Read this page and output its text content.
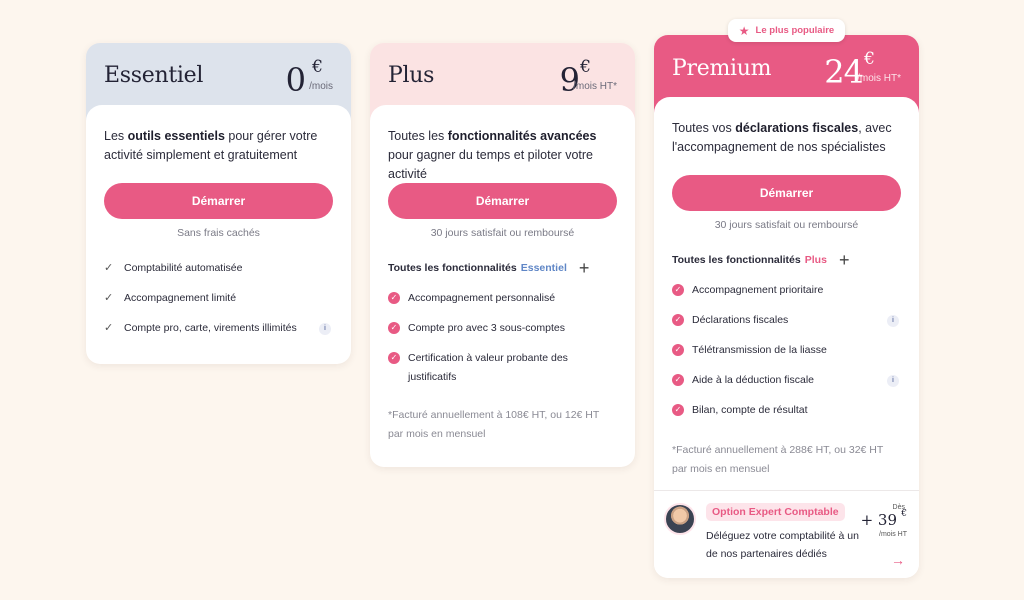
Essentiel	0 €
/mois

Les outils essentiels pour gérer votre activité simplement et gratuitement

Démarrer
Sans frais cachés
✓ Comptabilité automatisée
✓ Accompagnement limité
✓ Compte pro, carte, virements illimités	i
Plus	9 €
/mois HT*

Toutes les fonctionnalités avancées pour gagner du temps et piloter votre activité

Démarrer
30 jours satisfait ou remboursé
Toutes les fonctionnalités Essentiel +
✓ Accompagnement personnalisé
✓ Compte pro avec 3 sous-comptes
✓ Certification à valeur probante des justificatifs

*Facturé annuellement à 108€ HT, ou 12€ HT par mois en mensuel

Premium 24 €
/mois HT*

Toutes vos déclarations fiscales, avec l'accompagnement de nos spécialistes

Démarrer
30 jours satisfait ou remboursé
Toutes les fonctionnalités Plus +
✓ Accompagnement prioritaire
✓ Déclarations fiscales	i
✓ Télétransmission de la liasse
✓ Aide à la déduction fiscale	i
✓ Bilan, compte de résultat

*Facturé annuellement à 288€ HT, ou 32€ HT par mois en mensuel

Option Expert Comptable

Déléguez votre comptabilité à un de nos partenaires dédiés

Dès
+ 39 €
/mois HT
→
★ Le plus populaire
